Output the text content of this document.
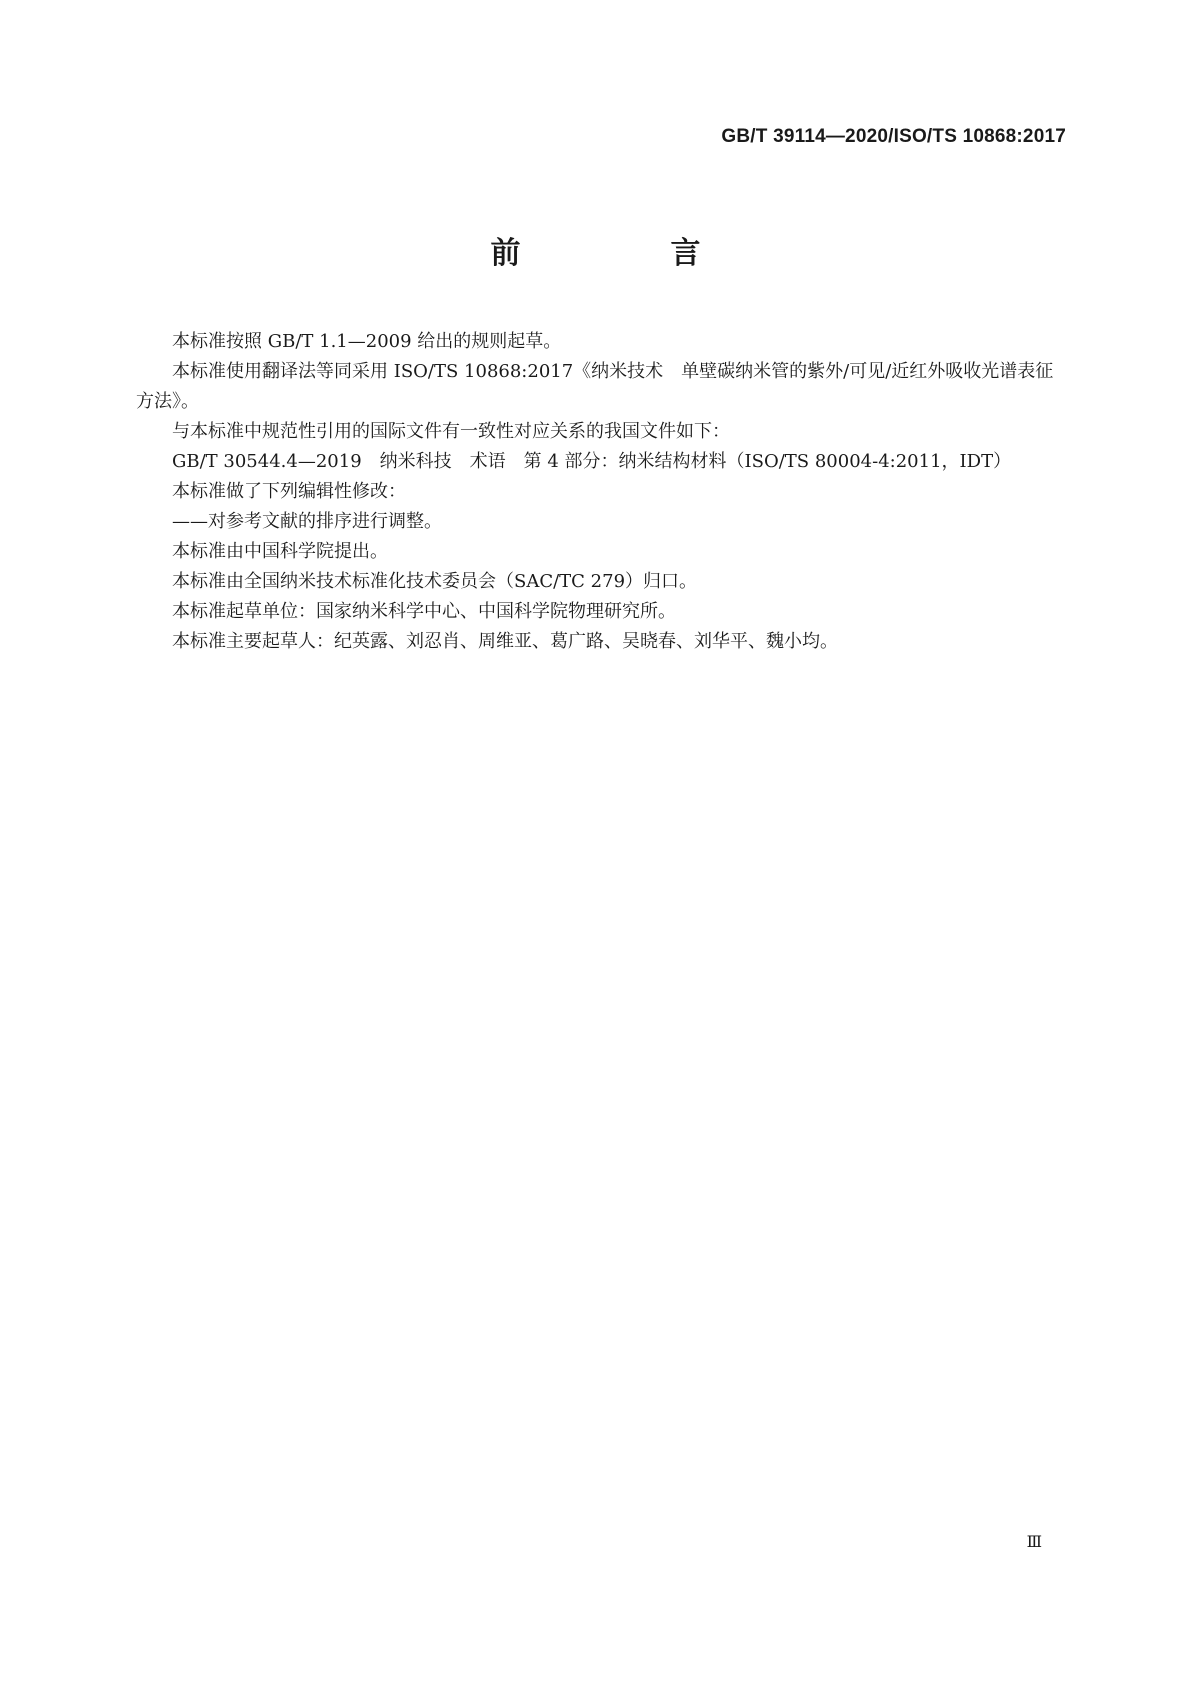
GB/T 39114—2020/ISO/TS 10868:2017
前　言

本标准按照 GB/T 1.1—2009 给出的规则起草。

本标准使用翻译法等同采用 ISO/TS 10868:2017《纳米技术　单壁碳纳米管的紫外/可见/近红外吸收光谱表征方法》。

与本标准中规范性引用的国际文件有一致性对应关系的我国文件如下：

GB/T 30544.4—2019　纳米科技　术语　第 4 部分：纳米结构材料（ISO/TS 80004-4:2011，IDT）

本标准做了下列编辑性修改：

——对参考文献的排序进行调整。

本标准由中国科学院提出。

本标准由全国纳米技术标准化技术委员会（SAC/TC 279）归口。

本标准起草单位：国家纳米科学中心、中国科学院物理研究所。

本标准主要起草人：纪英露、刘忍肖、周维亚、葛广路、吴晓春、刘华平、魏小均。

Ⅲ
